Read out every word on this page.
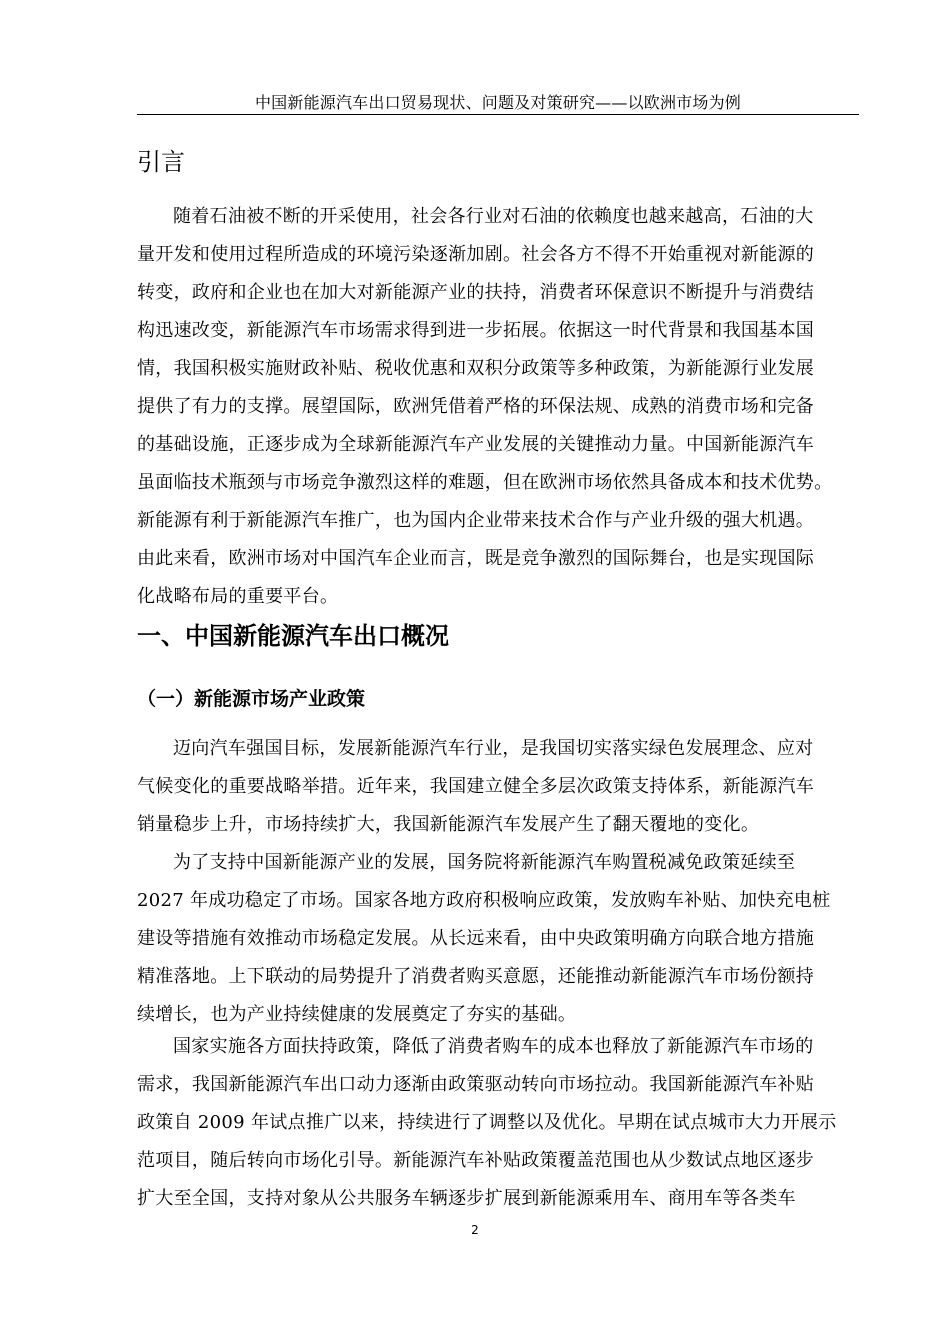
中国新能源汽车出口贸易现状、问题及对策研究——以欧洲市场为例
引言
随着石油被不断的开采使用，社会各行业对石油的依赖度也越来越高，石油的大
量开发和使用过程所造成的环境污染逐渐加剧。社会各方不得不开始重视对新能源的
转变，政府和企业也在加大对新能源产业的扶持，消费者环保意识不断提升与消费结
构迅速改变，新能源汽车市场需求得到进一步拓展。依据这一时代背景和我国基本国
情，我国积极实施财政补贴、税收优惠和双积分政策等多种政策，为新能源行业发展
提供了有力的支撑。展望国际，欧洲凭借着严格的环保法规、成熟的消费市场和完备
的基础设施，正逐步成为全球新能源汽车产业发展的关键推动力量。中国新能源汽车
虽面临技术瓶颈与市场竞争激烈这样的难题，但在欧洲市场依然具备成本和技术优势。
新能源有利于新能源汽车推广，也为国内企业带来技术合作与产业升级的强大机遇。
由此来看，欧洲市场对中国汽车企业而言，既是竞争激烈的国际舞台，也是实现国际
化战略布局的重要平台。
一、中国新能源汽车出口概况
（一）新能源市场产业政策
迈向汽车强国目标，发展新能源汽车行业，是我国切实落实绿色发展理念、应对
气候变化的重要战略举措。近年来，我国建立健全多层次政策支持体系，新能源汽车
销量稳步上升，市场持续扩大，我国新能源汽车发展产生了翻天覆地的变化。
为了支持中国新能源产业的发展，国务院将新能源汽车购置税减免政策延续至
2027 年成功稳定了市场。国家各地方政府积极响应政策，发放购车补贴、加快充电桩
建设等措施有效推动市场稳定发展。从长远来看，由中央政策明确方向联合地方措施
精准落地。上下联动的局势提升了消费者购买意愿，还能推动新能源汽车市场份额持
续增长，也为产业持续健康的发展奠定了夯实的基础。
国家实施各方面扶持政策，降低了消费者购车的成本也释放了新能源汽车市场的
需求，我国新能源汽车出口动力逐渐由政策驱动转向市场拉动。我国新能源汽车补贴
政策自 2009 年试点推广以来，持续进行了调整以及优化。早期在试点城市大力开展示
范项目，随后转向市场化引导。新能源汽车补贴政策覆盖范围也从少数试点地区逐步
扩大至全国，支持对象从公共服务车辆逐步扩展到新能源乘用车、商用车等各类车
2
